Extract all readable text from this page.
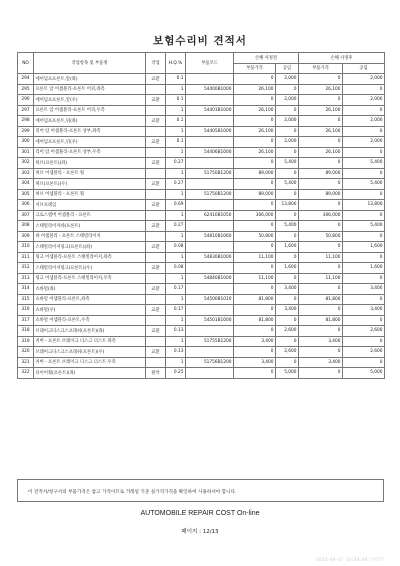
보험수리비 견적서
NO	작업항목 및 부품명	작업	H.Q.%	부품코드	손해 사정전		손해 사정후	
					부품가격	공임	부품가격	공임
294	에어덤프프론트,앞(좌)	교환	0.1		0	2,000	0	2,000
295	프론트 암 어셈블리-프론트 어퍼,좌측		1	54400B1000	26,100	0	26,100	0
296	에어덤프프론트,앞(우)	교환	0.1		0	2,000	0	2,000
297	프론트 암 어셈블리-프론트 어퍼,우측		1	54401B1000	26,100	0	26,100	0
298	에어덤프프론트,뒤(좌)	교환	0.1		0	2,000	0	2,000
299	리어 암 어셈블리-프론트 상부,좌측		1	54405B1000	26,100	0	26,100	0
300	에어덤프프론트,뒤(우)	교환	0.1		0	2,000	0	2,000
301	리어 암 어셈블리-프론트 상부,우측		1	54406B1000	26,100	0	26,100	0
302	허브(프론트)(좌)	교환	0.27		0	5,400	0	5,400
303	허브 어셈블리 - 프론트 휠		1	51750B1200	89,000	0	89,000	0
304	허브(프론트)(우)	교환	0.27		0	5,400	0	5,400
305	허브 어셈블리 - 프론트 휠		1	51750B1200	89,000	0	89,000	0
306	서브프레임	교환	0.69		0	13,800	0	13,800
307	크로스멤버 어셈블리 - 프론트		1	62410B1050	306,000	0	306,000	0
308	스태빌라이저바(프론트)	교환	0.27		0	5,400	0	5,400
309	바 어셈블리 - 프론트 스태빌라이저		1	54810B1060	50,800	0	50,800	0
310	스태빌라이저링크(프론트)(좌)	교환	0.08		0	1,600	0	1,600
311	링크 어셈블리-프론트 스태빌라이저,좌측		1	54830B1000	11,100	0	11,100	0
312	스태빌라이저링크(프론트)(우)	교환	0.08		0	1,600	0	1,600
313	링크 어셈블리-프론트 스태빌라이저,우측		1	54840B1000	11,100	0	11,100	0
314	쇼바멀(좌)	교환	0.17		0	3,400	0	3,400
315	쇼바멀 어셈블리-프론트,좌측		1	54500B1010	81,800	0	81,800	0
316	쇼바멀(우)	교환	0.17		0	3,400	0	3,400
317	쇼바멀 어셈블리-프론트,우측		1	54501B1000	81,800	0	81,800	0
318	브레이크디스크스프래쉬(프론트)(좌)	교환	0.13		0	2,600	0	2,600
319	커버 - 프론트 브레이크 디스크 더스트 좌측		1	51755B1200	3,400	0	3,400	0
320	브레이크디스크스프래쉬(프론트)(우)	교환	0.13		0	2,600	0	2,600
321	커버 - 프론트 브레이크 디스크 더스트 우측		1	51756B1200	3,400	0	3,400	0
322	타이어휠(프론트)(좌)	탈착	0.25		0	5,000	0	5,000
이 견적서/청구서의 부품가격은 참고 가격이므로 거래일 기준 실가격가격을 확인하여 사용하셔야 합니다.
AUTOMOBILE REPAIR COST On-line
페이지 : 12/13
2023-04-07 16:38:46 ?70?7
